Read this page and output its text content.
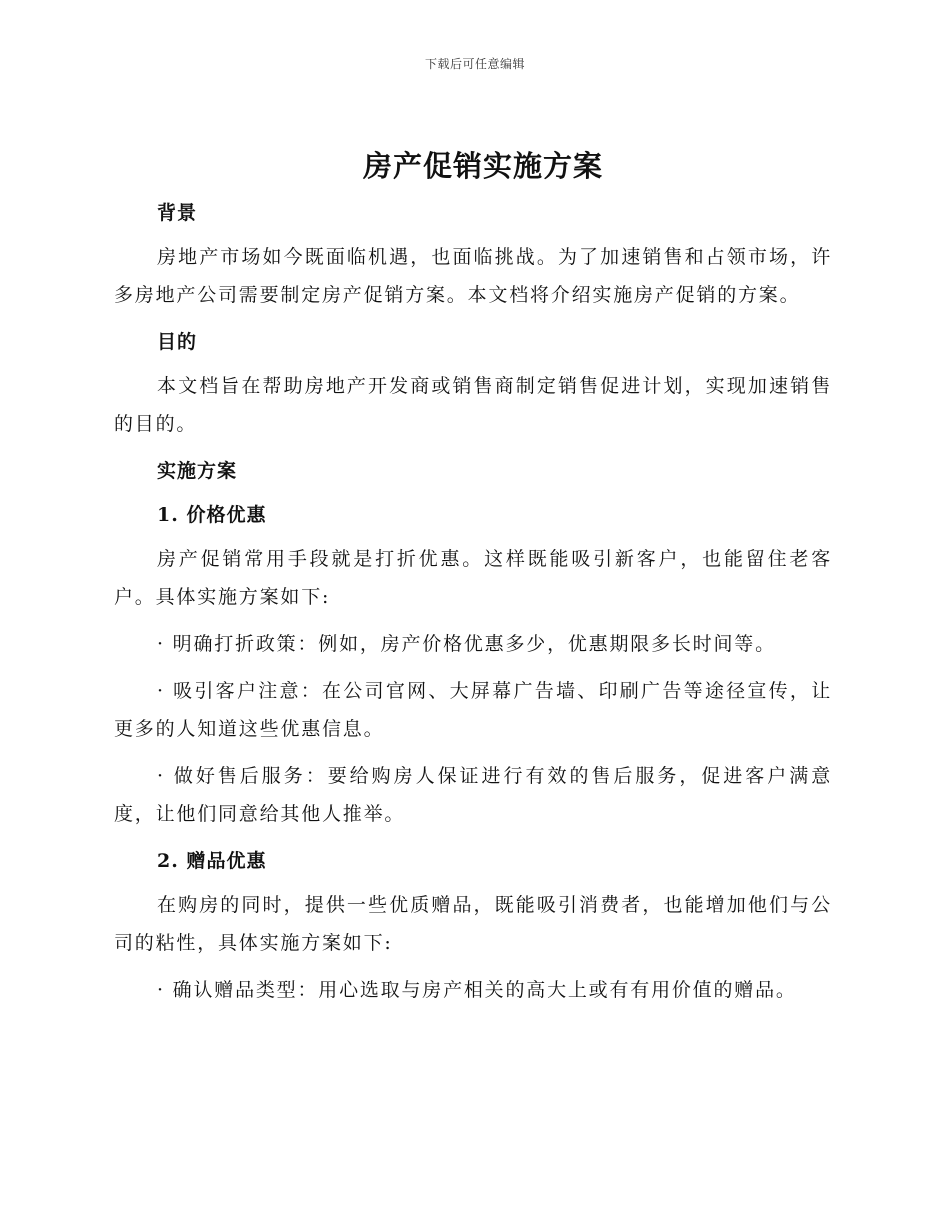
下载后可任意编辑
房产促销实施方案

背景

房地产市场如今既面临机遇，也面临挑战。为了加速销售和占领市场，许多房地产公司需要制定房产促销方案。本文档将介绍实施房产促销的方案。

目的

本文档旨在帮助房地产开发商或销售商制定销售促进计划，实现加速销售的目的。

实施方案

1. 价格优惠

房产促销常用手段就是打折优惠。这样既能吸引新客户，也能留住老客户。具体实施方案如下:

· 明确打折政策：例如，房产价格优惠多少，优惠期限多长时间等。

· 吸引客户注意：在公司官网、大屏幕广告墙、印刷广告等途径宣传，让更多的人知道这些优惠信息。

· 做好售后服务：要给购房人保证进行有效的售后服务，促进客户满意度，让他们同意给其他人推举。

2. 赠品优惠

在购房的同时，提供一些优质赠品，既能吸引消费者，也能增加他们与公司的粘性，具体实施方案如下:

· 确认赠品类型：用心选取与房产相关的高大上或有有用价值的赠品。
